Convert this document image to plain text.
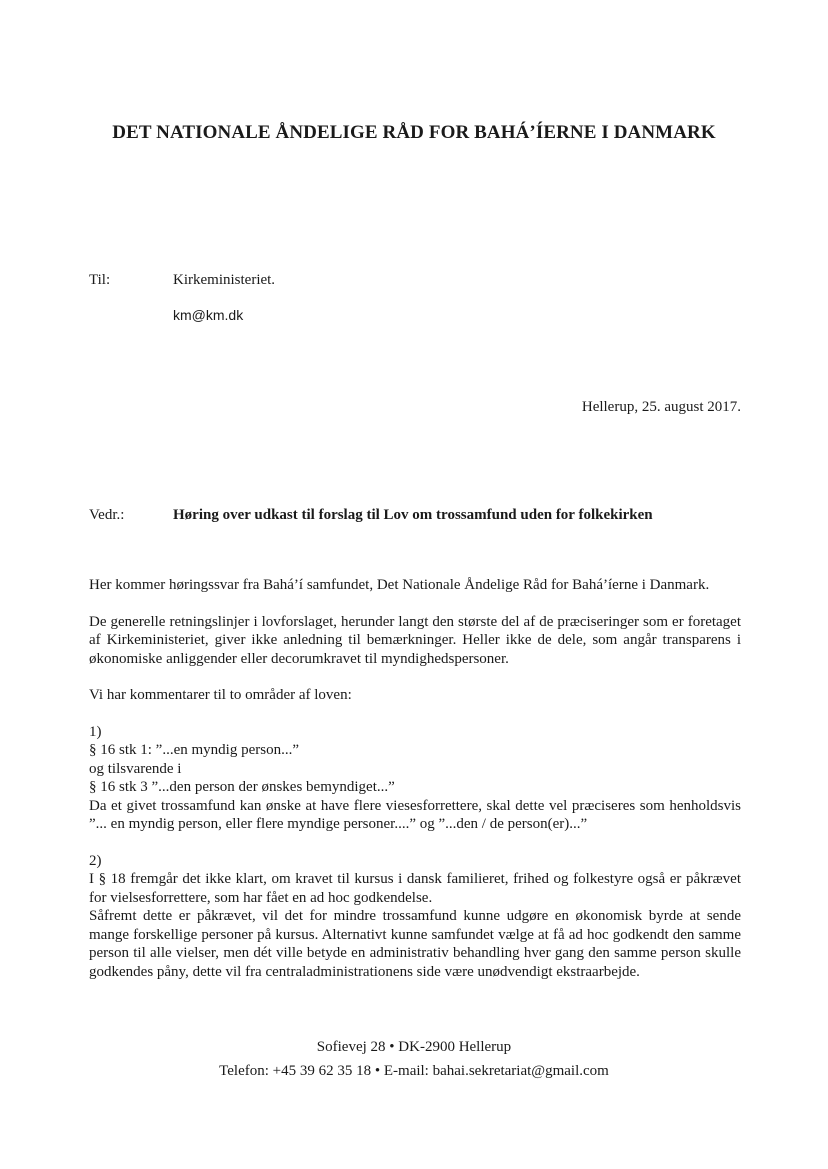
DET NATIONALE ÅNDELIGE RÅD FOR BAHÁ’ÍERNE I DANMARK
Til:	Kirkeministeriet.
km@km.dk
Hellerup, 25. august 2017.
Vedr.:	Høring over udkast til forslag til Lov om trossamfund uden for folkekirken

Her kommer høringssvar fra Bahá’í samfundet, Det Nationale Åndelige Råd for Bahá’íerne i Danmark.

De generelle retningslinjer i lovforslaget, herunder langt den største del af de præciseringer som er foretaget af Kirkeministeriet, giver ikke anledning til bemærkninger. Heller ikke de dele, som angår transparens i økonomiske anliggender eller decorumkravet til myndighedspersoner.

Vi har kommentarer til to områder af loven:

1)

§ 16 stk 1: ”...en myndig person...”

og tilsvarende i

§ 16 stk 3 ”...den person der ønskes bemyndiget...”

Da et givet trossamfund kan ønske at have flere viesesforrettere, skal dette vel præciseres som henholdsvis ”... en myndig person, eller flere myndige personer....” og ”...den / de person(er)...”

2)

I § 18 fremgår det ikke klart, om kravet til kursus i dansk familieret, frihed og folkestyre også er påkrævet for vielsesforrettere, som har fået en ad hoc godkendelse.

Såfremt dette er påkrævet, vil det for mindre trossamfund kunne udgøre en økonomisk byrde at sende mange forskellige personer på kursus. Alternativt kunne samfundet vælge at få ad hoc godkendt den samme person til alle vielser, men dét ville betyde en administrativ behandling hver gang den samme person skulle godkendes påny, dette vil fra centraladministrationens side være unødvendigt ekstraarbejde.

Sofievej 28 • DK-2900 Hellerup
Telefon: +45 39 62 35 18 • E-mail: bahai.sekretariat@gmail.com
